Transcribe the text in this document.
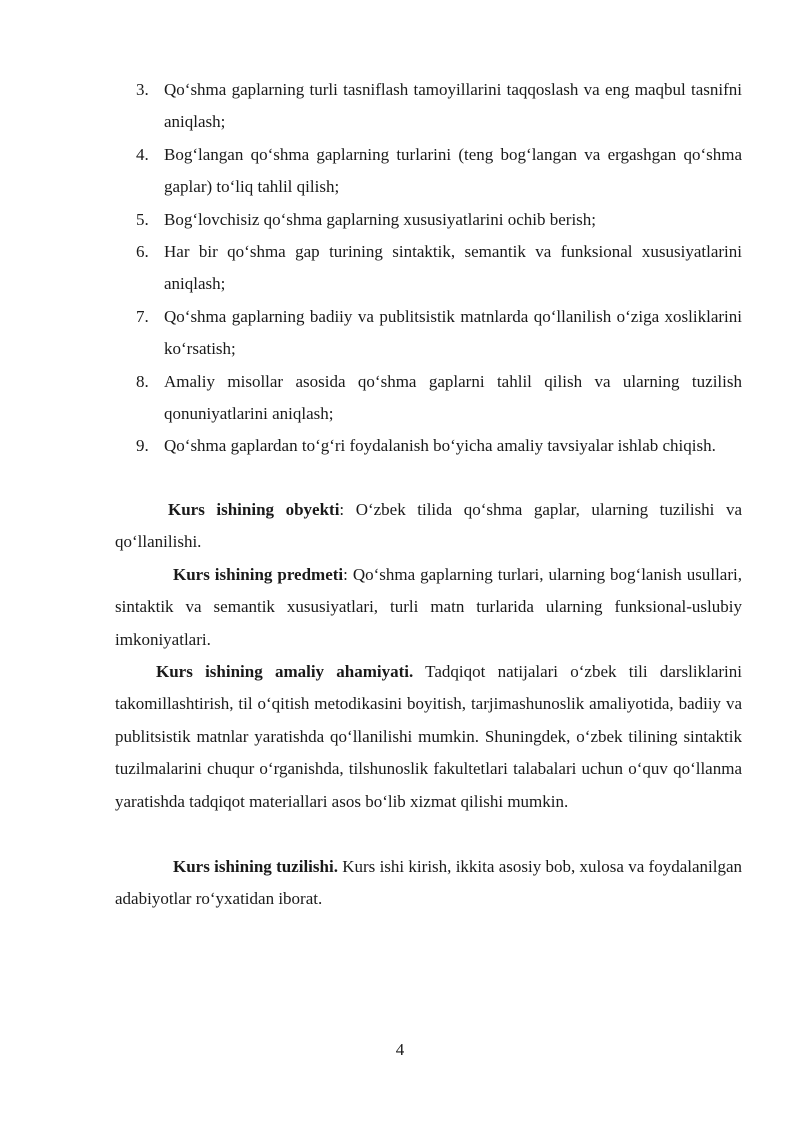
3. Qo‘shma gaplarning turli tasniflash tamoyillarini taqqoslash va eng maqbul tasnifni aniqlash;
4. Bog‘langan qo‘shma gaplarning turlarini (teng bog‘langan va ergashgan qo‘shma gaplar) to‘liq tahlil qilish;
5. Bog‘lovchisiz qo‘shma gaplarning xususiyatlarini ochib berish;
6. Har bir qo‘shma gap turining sintaktik, semantik va funksional xususiyatlarini aniqlash;
7. Qo‘shma gaplarning badiiy va publitsistik matnlarda qo‘llanilish o‘ziga xosliklarini ko‘rsatish;
8. Amaliy misollar asosida qo‘shma gaplarni tahlil qilish va ularning tuzilish qonuniyatlarini aniqlash;
9. Qo‘shma gaplardan to‘g‘ri foydalanish bo‘yicha amaliy tavsiyalar ishlab chiqish.

Kurs ishining obyekti: O‘zbek tilida qo‘shma gaplar, ularning tuzilishi va qo‘llanilishi.

Kurs ishining predmeti: Qo‘shma gaplarning turlari, ularning bog‘lanish usullari, sintaktik va semantik xususiyatlari, turli matn turlarida ularning funksional-uslubiy imkoniyatlari.

Kurs ishining amaliy ahamiyati. Tadqiqot natijalari o‘zbek tili darsliklarini takomillashtirish, til o‘qitish metodikasini boyitish, tarjimashunoslik amaliyotida, badiiy va publitsistik matnlar yaratishda qo‘llanilishi mumkin. Shuningdek, o‘zbek tilining sintaktik tuzilmalarini chuqur o‘rganishda, tilshunoslik fakultetlari talabalari uchun o‘quv qo‘llanma yaratishda tadqiqot materiallari asos bo‘lib xizmat qilishi mumkin.

Kurs ishining tuzilishi. Kurs ishi kirish, ikkita asosiy bob, xulosa va foydalanilgan adabiyotlar ro‘yxatidan iborat.

4
